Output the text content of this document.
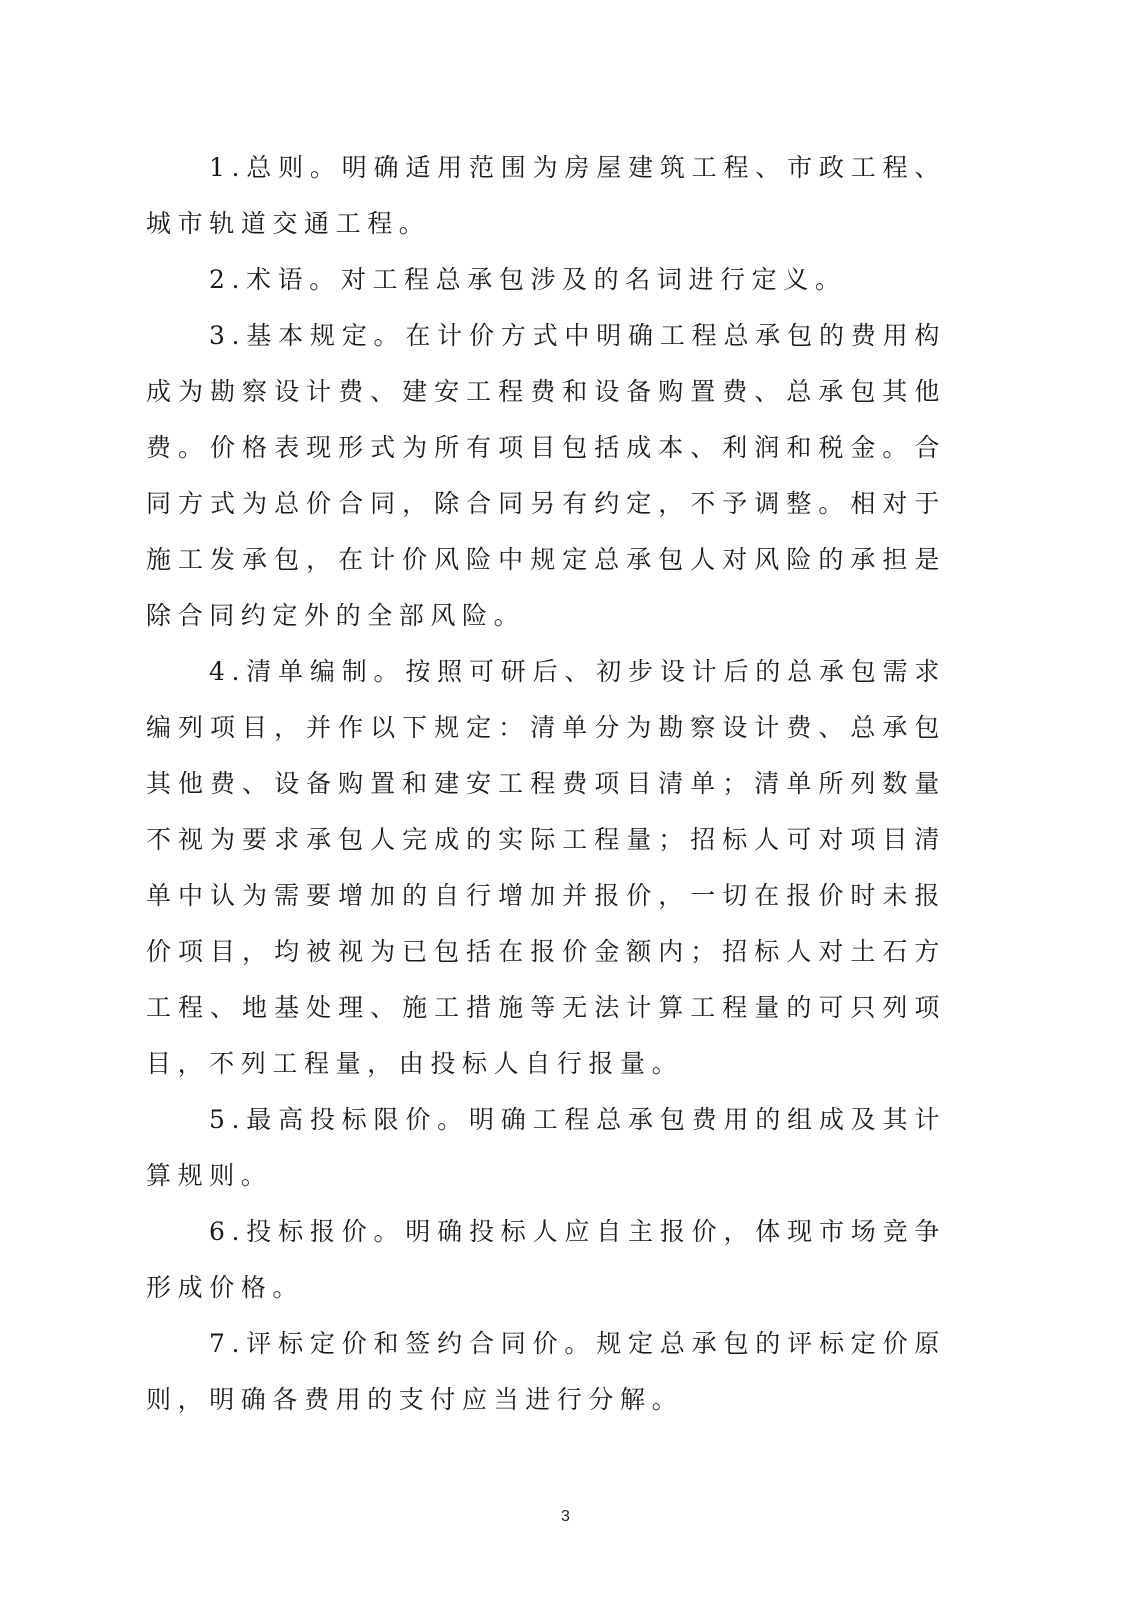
1.总则。明确适用范围为房屋建筑工程、市政工程、城市轨道交通工程。

2.术语。对工程总承包涉及的名词进行定义。

3.基本规定。在计价方式中明确工程总承包的费用构成为勘察设计费、建安工程费和设备购置费、总承包其他费。价格表现形式为所有项目包括成本、利润和税金。合同方式为总价合同，除合同另有约定，不予调整。相对于施工发承包，在计价风险中规定总承包人对风险的承担是除合同约定外的全部风险。

4.清单编制。按照可研后、初步设计后的总承包需求编列项目，并作以下规定：清单分为勘察设计费、总承包其他费、设备购置和建安工程费项目清单；清单所列数量不视为要求承包人完成的实际工程量；招标人可对项目清单中认为需要增加的自行增加并报价，一切在报价时未报价项目，均被视为已包括在报价金额内；招标人对土石方工程、地基处理、施工措施等无法计算工程量的可只列项目，不列工程量，由投标人自行报量。

5.最高投标限价。明确工程总承包费用的组成及其计算规则。

6.投标报价。明确投标人应自主报价，体现市场竞争形成价格。

7.评标定价和签约合同价。规定总承包的评标定价原则，明确各费用的支付应当进行分解。

3
